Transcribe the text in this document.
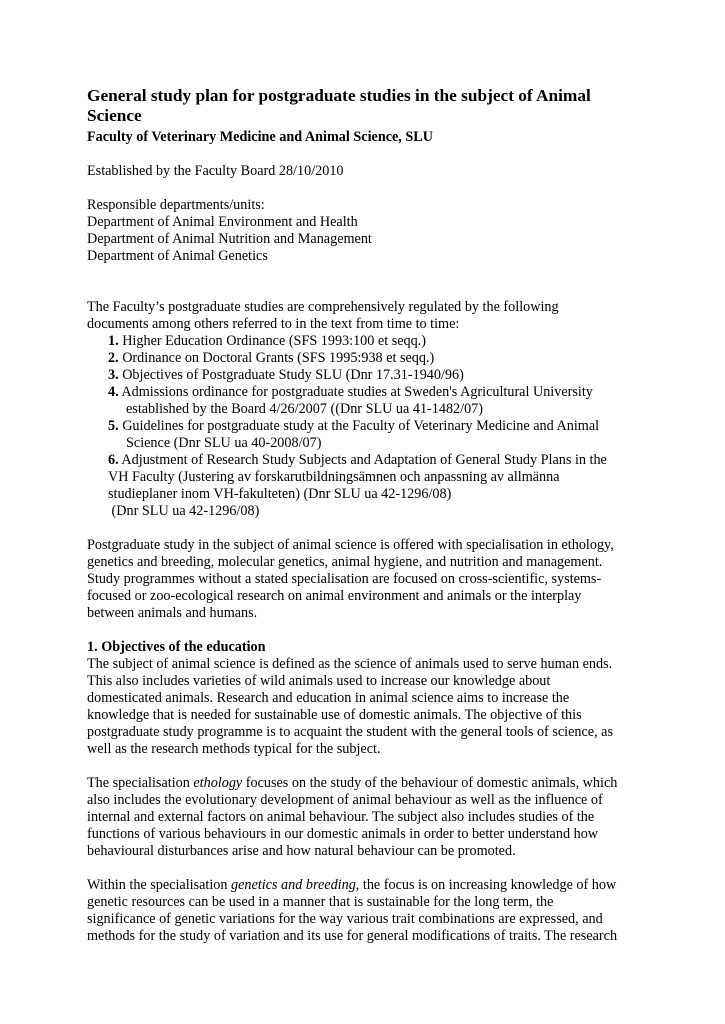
General study plan for postgraduate studies in the subject of Animal
Science

Faculty of Veterinary Medicine and Animal Science, SLU

Established by the Faculty Board 28/10/2010

Responsible departments/units:
Department of Animal Environment and Health
Department of Animal Nutrition and Management
Department of Animal Genetics
The Faculty’s postgraduate studies are comprehensively regulated by the following
documents among others referred to in the text from time to time:
1. Higher Education Ordinance (SFS 1993:100 et seqq.)
2. Ordinance on Doctoral Grants (SFS 1995:938 et seqq.)
3. Objectives of Postgraduate Study SLU (Dnr 17.31-1940/96)
4. Admissions ordinance for postgraduate studies at Sweden's Agricultural University
established by the Board 4/26/2007 ((Dnr SLU ua 41-1482/07)
5. Guidelines for postgraduate study at the Faculty of Veterinary Medicine and Animal
Science (Dnr SLU ua 40-2008/07)
6. Adjustment of Research Study Subjects and Adaptation of General Study Plans in the
VH Faculty (Justering av forskarutbildningsämnen och anpassning av allmänna
studieplaner inom VH-fakulteten) (Dnr SLU ua 42-1296/08)
(Dnr SLU ua 42-1296/08)
Postgraduate study in the subject of animal science is offered with specialisation in ethology,
genetics and breeding, molecular genetics, animal hygiene, and nutrition and management.
Study programmes without a stated specialisation are focused on cross-scientific, systems-
focused or zoo-ecological research on animal environment and animals or the interplay
between animals and humans.
1. Objectives of the education
The subject of animal science is defined as the science of animals used to serve human ends.
This also includes varieties of wild animals used to increase our knowledge about
domesticated animals. Research and education in animal science aims to increase the
knowledge that is needed for sustainable use of domestic animals. The objective of this
postgraduate study programme is to acquaint the student with the general tools of science, as
well as the research methods typical for the subject.
The specialisation ethology focuses on the study of the behaviour of domestic animals, which
also includes the evolutionary development of animal behaviour as well as the influence of
internal and external factors on animal behaviour. The subject also includes studies of the
functions of various behaviours in our domestic animals in order to better understand how
behavioural disturbances arise and how natural behaviour can be promoted.
Within the specialisation genetics and breeding, the focus is on increasing knowledge of how
genetic resources can be used in a manner that is sustainable for the long term, the
significance of genetic variations for the way various trait combinations are expressed, and
methods for the study of variation and its use for general modifications of traits. The research
